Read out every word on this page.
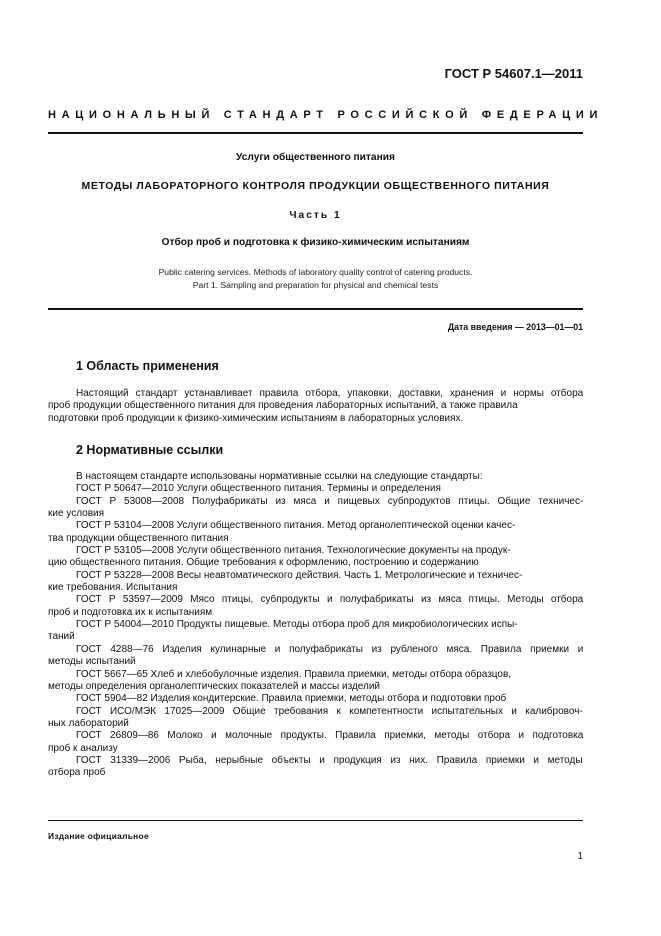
ГОСТ Р 54607.1—2011
НАЦИОНАЛЬНЫЙ СТАНДАРТ РОССИЙСКОЙ ФЕДЕРАЦИИ
Услуги общественного питания
МЕТОДЫ ЛАБОРАТОРНОГО КОНТРОЛЯ ПРОДУКЦИИ ОБЩЕСТВЕННОГО ПИТАНИЯ
Часть 1
Отбор проб и подготовка к физико-химическим испытаниям
Public catering services. Methods of laboratory quality control of catering products.
Part 1. Sampling and preparation for physical and chemical tests
Дата введения — 2013—01—01
1 Область применения
Настоящий стандарт устанавливает правила отбора, упаковки, доставки, хранения и нормы отбора
проб продукции общественного питания для проведения лабораторных испытаний, а также правила
подготовки проб продукции к физико-химическим испытаниям в лабораторных условиях.
2 Нормативные ссылки
В настоящем стандарте использованы нормативные ссылки на следующие стандарты:
ГОСТ Р 50647—2010 Услуги общественного питания. Термины и определения
ГОСТ Р 53008—2008 Полуфабрикаты из мяса и пищевых субпродуктов птицы. Общие техничес-
кие условия
ГОСТ Р 53104—2008 Услуги общественного питания. Метод органолептической оценки качес-
тва продукции общественного питания
ГОСТ Р 53105—2008 Услуги общественного питания. Технологические документы на продук-
цию общественного питания. Общие требования к оформлению, построению и содержанию
ГОСТ Р 53228—2008 Весы неавтоматического действия. Часть 1. Метрологические и техничес-
кие требования. Испытания
ГОСТ Р 53597—2009 Мясо птицы, субпродукты и полуфабрикаты из мяса птицы. Методы отбора
проб и подготовка их к испытаниям
ГОСТ Р 54004—2010 Продукты пищевые. Методы отбора проб для микробиологических испы-
таний
ГОСТ 4288—76 Изделия кулинарные и полуфабрикаты из рубленого мяса. Правила приемки и
методы испытаний
ГОСТ 5667—65 Хлеб и хлебобулочные изделия. Правила приемки, методы отбора образцов,
методы определения органолептических показателей и массы изделий
ГОСТ 5904—82 Изделия кондитерские. Правила приемки, методы отбора и подготовки проб
ГОСТ ИСО/МЭК 17025—2009 Общие требования к компетентности испытательных и калибровоч-
ных лабораторий
ГОСТ 26809—86 Молоко и молочные продукты. Правила приемки, методы отбора и подготовка
проб к анализу
ГОСТ 31339—2006 Рыба, нерыбные объекты и продукция из них. Правила приемки и методы
отбора проб
Издание официальное
1
